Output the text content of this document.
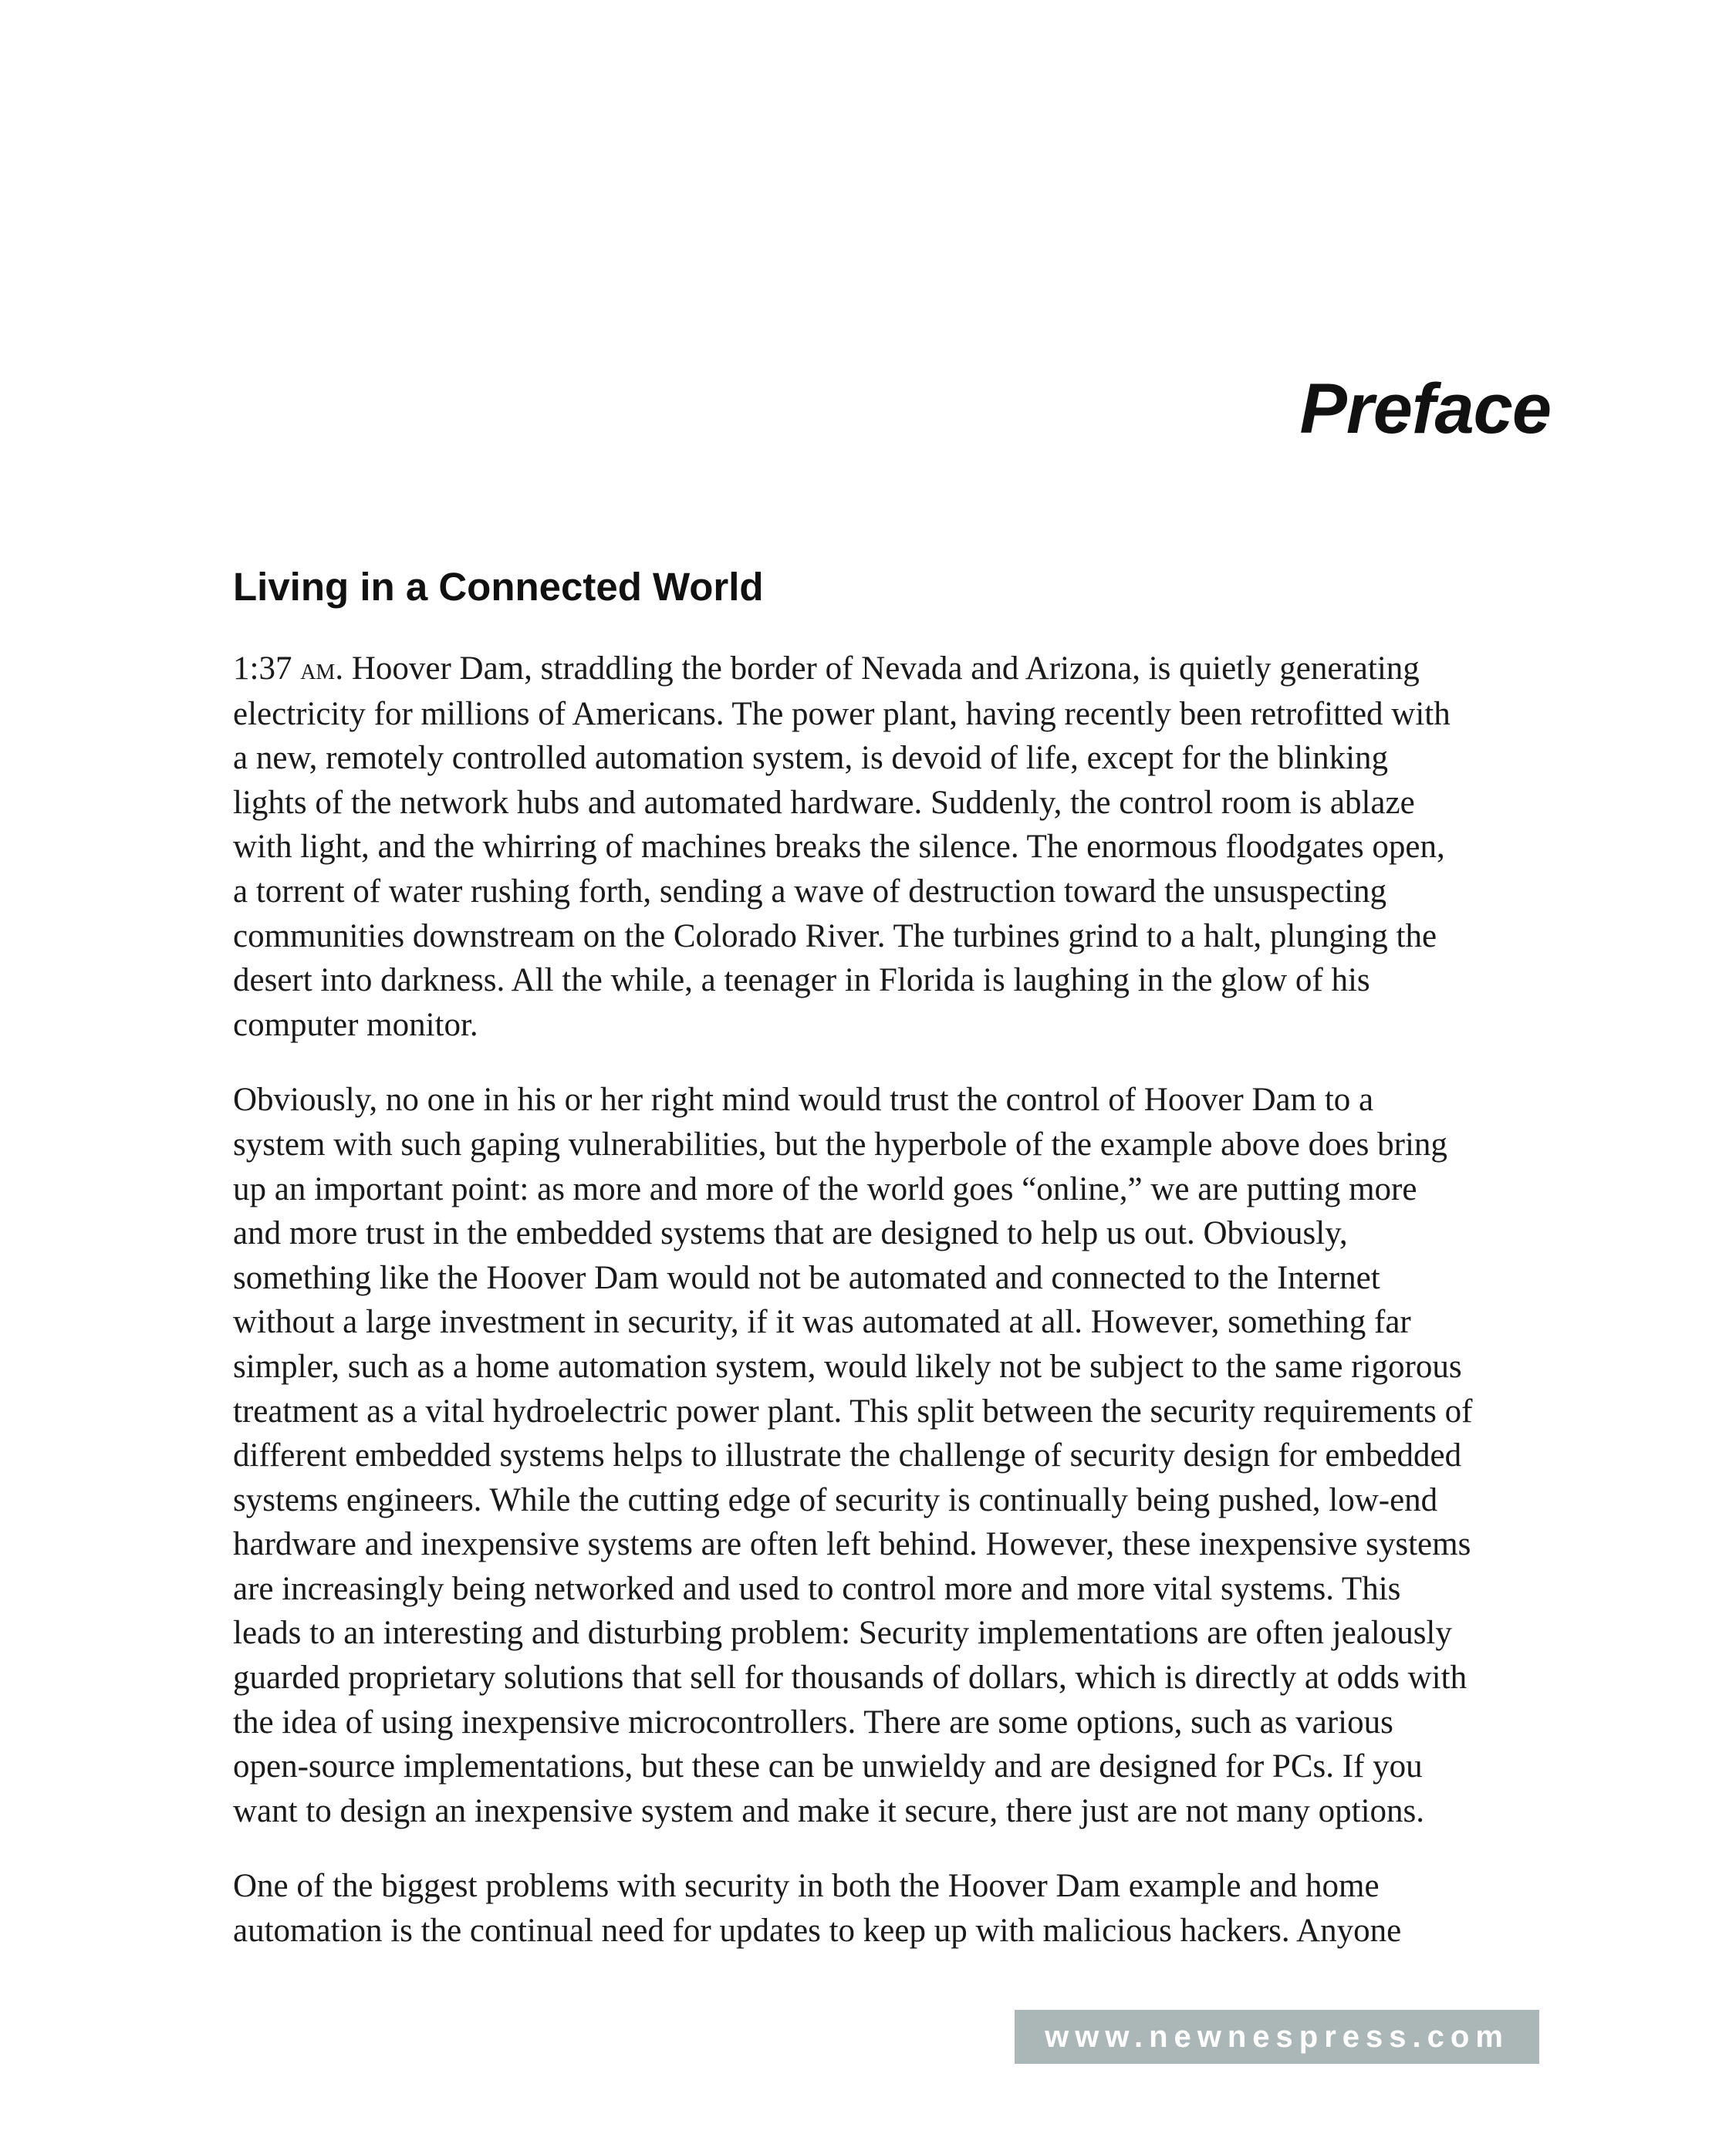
Preface
Living in a Connected World

1:37 am. Hoover Dam, straddling the border of Nevada and Arizona, is quietly generating
electricity for millions of Americans. The power plant, having recently been retrofitted with
a new, remotely controlled automation system, is devoid of life, except for the blinking
lights of the network hubs and automated hardware. Suddenly, the control room is ablaze
with light, and the whirring of machines breaks the silence. The enormous floodgates open,
a torrent of water rushing forth, sending a wave of destruction toward the unsuspecting
communities downstream on the Colorado River. The turbines grind to a halt, plunging the
desert into darkness. All the while, a teenager in Florida is laughing in the glow of his
computer monitor.

Obviously, no one in his or her right mind would trust the control of Hoover Dam to a
system with such gaping vulnerabilities, but the hyperbole of the example above does bring
up an important point: as more and more of the world goes “online,” we are putting more
and more trust in the embedded systems that are designed to help us out. Obviously,
something like the Hoover Dam would not be automated and connected to the Internet
without a large investment in security, if it was automated at all. However, something far
simpler, such as a home automation system, would likely not be subject to the same rigorous
treatment as a vital hydroelectric power plant. This split between the security requirements of
different embedded systems helps to illustrate the challenge of security design for embedded
systems engineers. While the cutting edge of security is continually being pushed, low-end
hardware and inexpensive systems are often left behind. However, these inexpensive systems
are increasingly being networked and used to control more and more vital systems. This
leads to an interesting and disturbing problem: Security implementations are often jealously
guarded proprietary solutions that sell for thousands of dollars, which is directly at odds with
the idea of using inexpensive microcontrollers. There are some options, such as various
open-source implementations, but these can be unwieldy and are designed for PCs. If you
want to design an inexpensive system and make it secure, there just are not many options.

One of the biggest problems with security in both the Hoover Dam example and home
automation is the continual need for updates to keep up with malicious hackers. Anyone

www.newnespress.com
